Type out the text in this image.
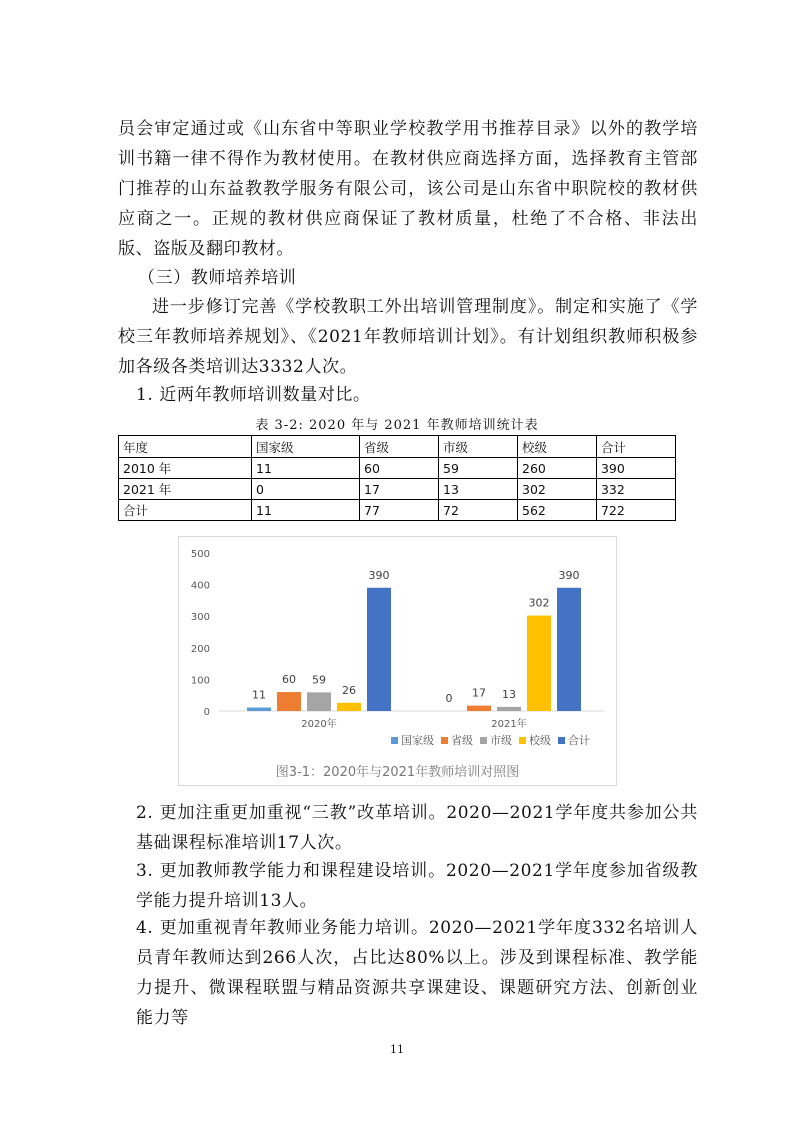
员会审定通过或《山东省中等职业学校教学用书推荐目录》以外的教学培训书籍一律不得作为教材使用。在教材供应商选择方面，选择教育主管部门推荐的山东益教教学服务有限公司，该公司是山东省中职院校的教材供应商之一。正规的教材供应商保证了教材质量，杜绝了不合格、非法出版、盗版及翻印教材。

（三）教师培养培训

进一步修订完善《学校教职工外出培训管理制度》。制定和实施了《学校三年教师培养规划》、《2021年教师培训计划》。有计划组织教师积极参加各级各类培训达3332人次。

1. 近两年教师培训数量对比。
表 3-2: 2020 年与 2021 年教师培训统计表
年度	国家级	省级	市级	校级	合计
2010 年	11	60	59	260	390
2021 年	0	17	13	302	332
合计	11	77	72	562	722
0
100
200
300
400
500
11
60 59
26
390
2020年
0 17 13
302
390
2021年
国家级 省级 市级 校级 合计
图3-1：2020年与2021年教师培训对照图
2. 更加注重更加重视“三教”改革培训。2020—2021学年度共参加公共基础课程标准培训17人次。
3. 更加教师教学能力和课程建设培训。2020—2021学年度参加省级教学能力提升培训13人。
4. 更加重视青年教师业务能力培训。2020—2021学年度332名培训人员青年教师达到266人次，占比达80%以上。涉及到课程标准、教学能力提升、微课程联盟与精品资源共享课建设、课题研究方法、创新创业能力等
11
